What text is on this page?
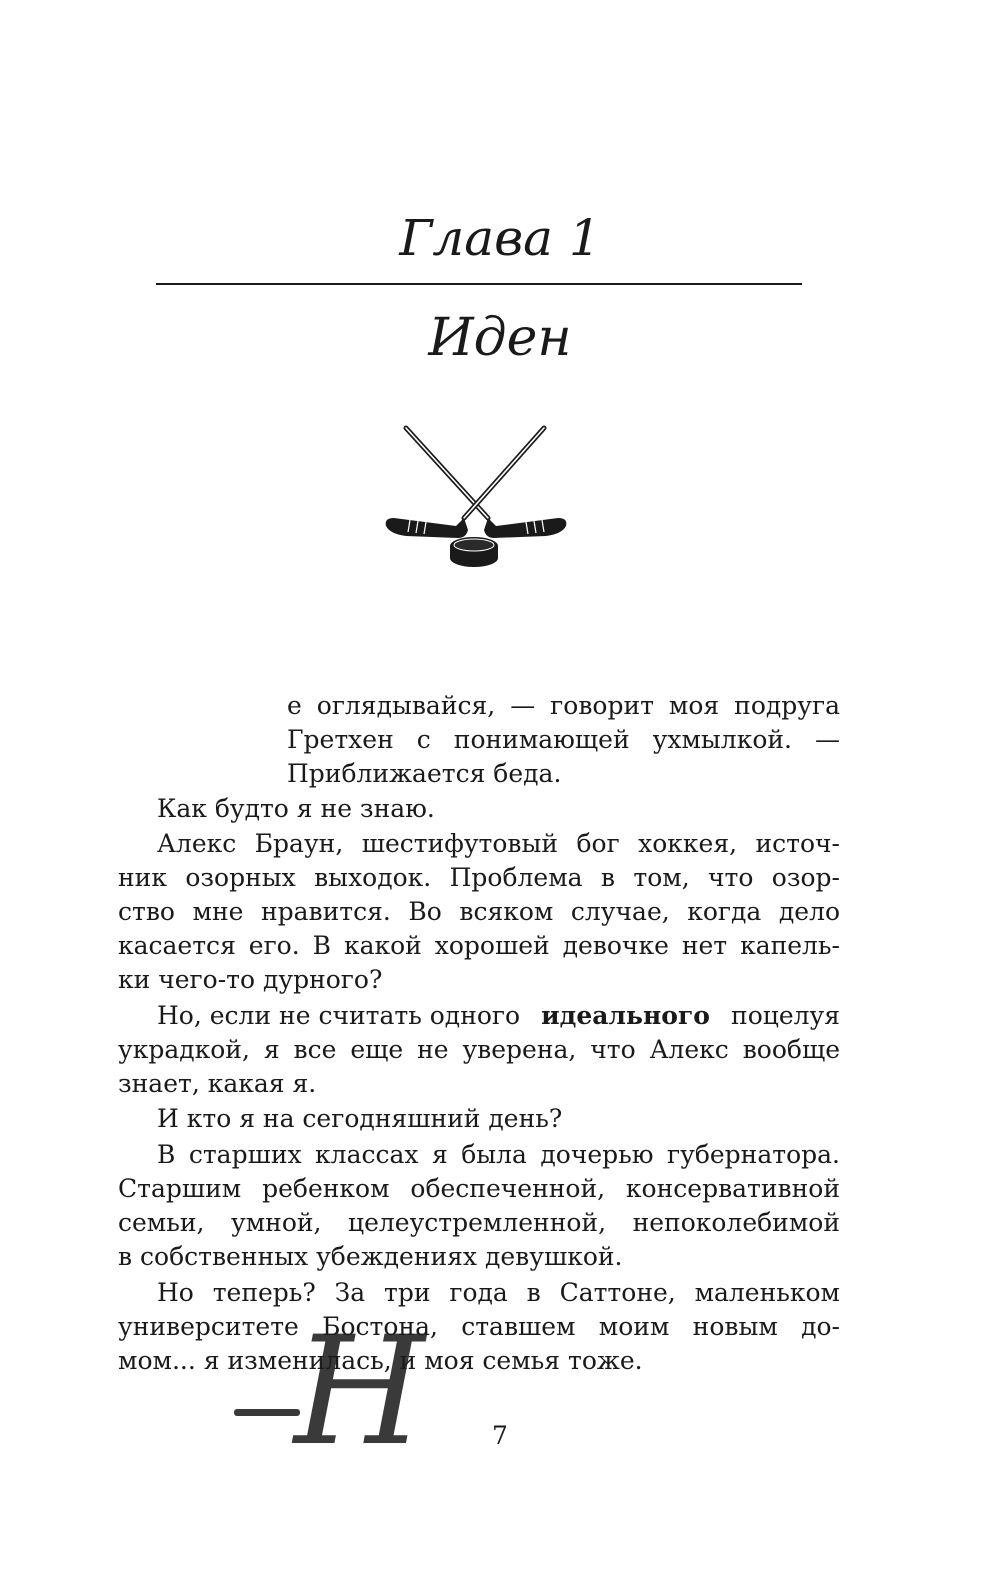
Глава 1
Иден
Н
е оглядывайся, — говорит моя подруга
Гретхен с понимающей ухмылкой. —
Приближается беда.
Как будто я не знаю.
Алекс Браун, шестифутовый бог хоккея, источ-
ник озорных выходок. Проблема в том, что озор-
ство мне нравится. Во всяком случае, когда дело
касается его. В какой хорошей девочке нет капель-
ки чего-то дурного?
Но, если не считать одного идеального поцелуя
украдкой, я все еще не уверена, что Алекс вообще
знает, какая я.
И кто я на сегодняшний день?
В старших классах я была дочерью губернатора.
Старшим ребенком обеспеченной, консервативной
семьи, умной, целеустремленной, непоколебимой
в собственных убеждениях девушкой.
Но теперь? За три года в Саттоне, маленьком
университете Бостона, ставшем моим новым до-
мом... я изменилась, и моя семья тоже.
7
